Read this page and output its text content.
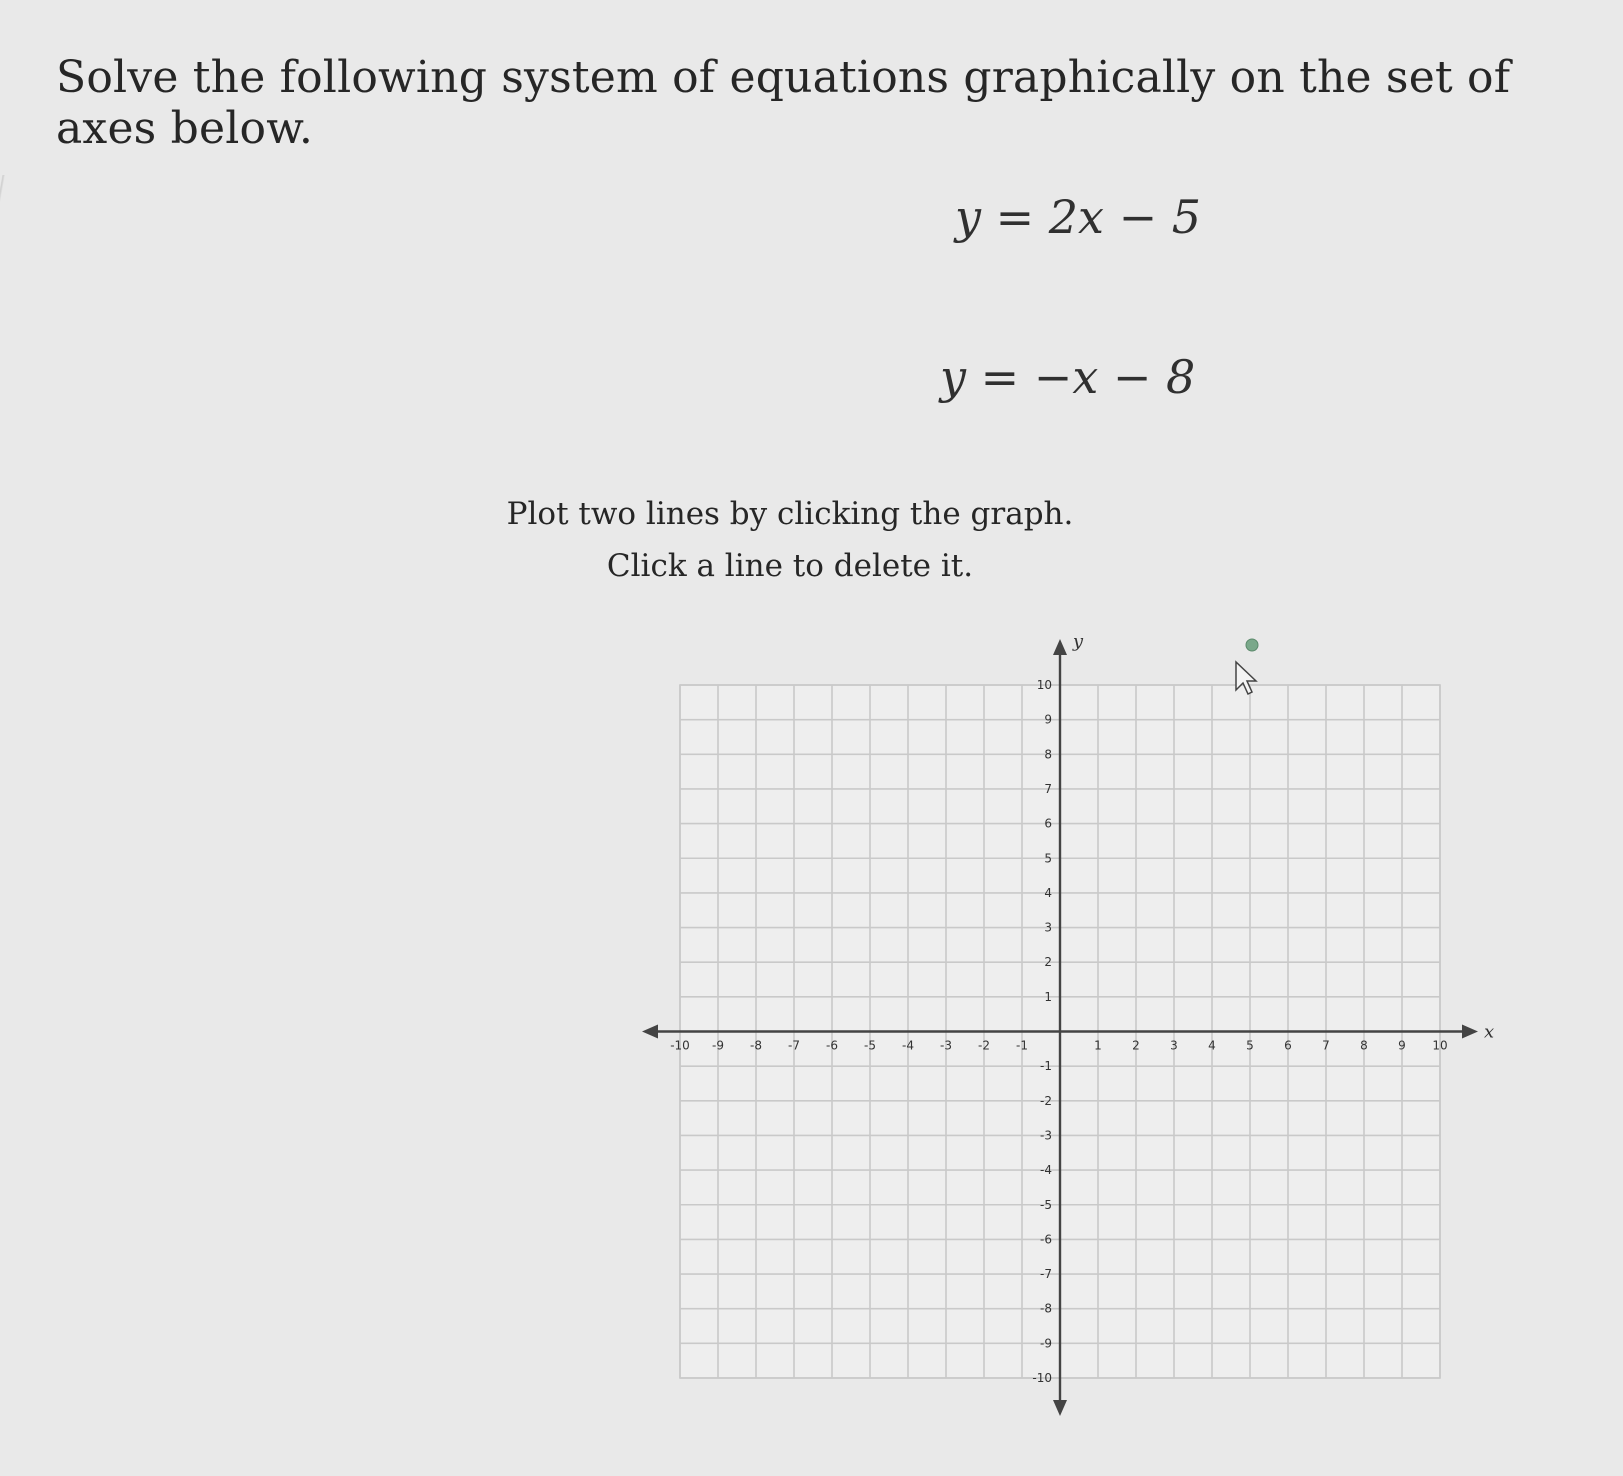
Solve the following system of equations graphically on the set of axes below.
y = 2x − 5
y = −x − 8
Plot two lines by clicking the graph.
Click a line to delete it.
x
y
-10 -9 -8 -7 -6 -5 -4 -3 -2 -1	1	2	3	4	5	6	7	8	9 10
10
9
8
7
6
5
4
3
2
1
-1
-2
-3
-4
-5
-6
-7
-8
-9
-10
